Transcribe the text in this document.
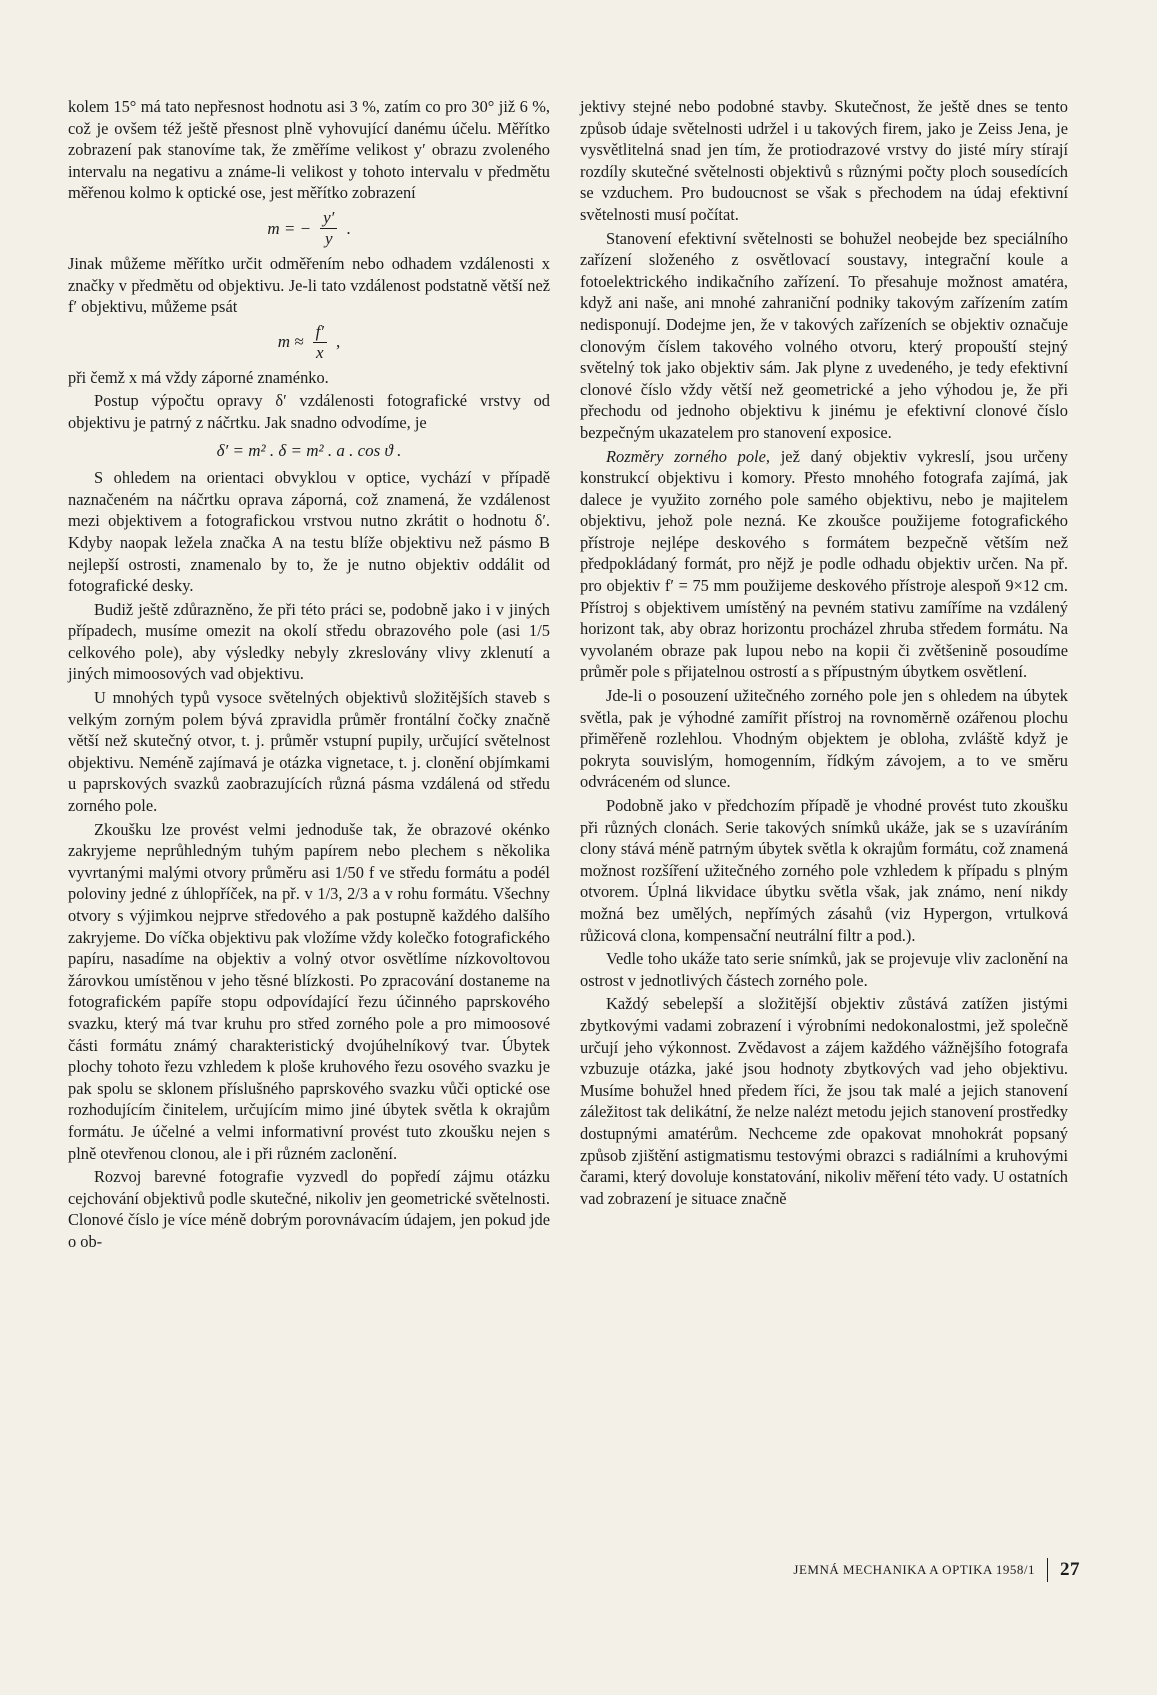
kolem 15° má tato nepřesnost hodnotu asi 3 %, zatím co pro 30° již 6 %, což je ovšem též ještě přesnost plně vyhovující danému účelu. Měřítko zobrazení pak stanovíme tak, že změříme velikost y′ obrazu zvoleného intervalu na negativu a známe-li velikost y tohoto intervalu v předmětu měřenou kolmo k optické ose, jest měřítko zobrazení

m = − $\frac{y'}{y}$ .

Jinak můžeme měřítko určit odměřením nebo odhadem vzdálenosti x značky v předmětu od objektivu. Je-li tato vzdálenost podstatně větší než f′ objektivu, můžeme psát

$m \approx \frac{f'}{x}$ ,

při čemž x má vždy záporné znaménko.

Postup výpočtu opravy δ′ vzdálenosti fotografické vrstvy od objektivu je patrný z náčrtku. Jak snadno odvodíme, je

δ′ = m² . δ = m² . a . cos ϑ .

S ohledem na orientaci obvyklou v optice, vychází v případě naznačeném na náčrtku oprava záporná, což znamená, že vzdálenost mezi objektivem a fotografickou vrstvou nutno zkrátit o hodnotu δ′. Kdyby naopak ležela značka A na testu blíže objektivu než pásmo B nejlepší ostrosti, znamenalo by to, že je nutno objektiv oddálit od fotografické desky.

Budiž ještě zdůrazněno, že při této práci se, podobně jako i v jiných případech, musíme omezit na okolí středu obrazového pole (asi 1/5 celkového pole), aby výsledky nebyly zkreslovány vlivy zklenutí a jiných mimoosových vad objektivu.

U mnohých typů vysoce světelných objektivů složitějších staveb s velkým zorným polem bývá zpravidla průměr frontální čočky značně větší než skutečný otvor, t. j. průměr vstupní pupily, určující světelnost objektivu. Neméně zajímavá je otázka vignetace, t. j. clonění objímkami u paprskových svazků zaobrazujících různá pásma vzdálená od středu zorného pole.

Zkoušku lze provést velmi jednoduše tak, že obrazové okénko zakryjeme neprůhledným tuhým papírem nebo plechem s několika vyvrtanými malými otvory průměru asi 1/50 f ve středu formátu a podél poloviny jedné z úhlopříček, na př. v 1/3, 2/3 a v rohu formátu. Všechny otvory s výjimkou nejprve středového a pak postupně každého dalšího zakryjeme. Do víčka objektivu pak vložíme vždy kolečko fotografického papíru, nasadíme na objektiv a volný otvor osvětlíme nízkovoltovou žárovkou umístěnou v jeho těsné blízkosti. Po zpracování dostaneme na fotografickém papíře stopu odpovídající řezu účinného paprskového svazku, který má tvar kruhu pro střed zorného pole a pro mimoosové části formátu známý charakteristický dvojúhelníkový tvar. Úbytek plochy tohoto řezu vzhledem k ploše kruhového řezu osového svazku je pak spolu se sklonem příslušného paprskového svazku vůči optické ose rozhodujícím činitelem, určujícím mimo jiné úbytek světla k okrajům formátu. Je účelné a velmi informativní provést tuto zkoušku nejen s plně otevřenou clonou, ale i při různém zaclonění.

Rozvoj barevné fotografie vyzvedl do popředí zájmu otázku cejchování objektivů podle skutečné, nikoliv jen geometrické světelnosti. Clonové číslo je více méně dobrým porovnávacím údajem, jen pokud jde o ob-

jektivy stejné nebo podobné stavby. Skutečnost, že ještě dnes se tento způsob údaje světelnosti udržel i u takových firem, jako je Zeiss Jena, je vysvětlitelná snad jen tím, že protiodrazové vrstvy do jisté míry stírají rozdíly skutečné světelnosti objektivů s různými počty ploch sousedících se vzduchem. Pro budoucnost se však s přechodem na údaj efektivní světelnosti musí počítat.

Stanovení efektivní světelnosti se bohužel neobejde bez speciálního zařízení složeného z osvětlovací soustavy, integrační koule a fotoelektrického indikačního zařízení. To přesahuje možnost amatéra, když ani naše, ani mnohé zahraniční podniky takovým zařízením zatím nedisponují. Dodejme jen, že v takových zařízeních se objektiv označuje clonovým číslem takového volného otvoru, který propouští stejný světelný tok jako objektiv sám. Jak plyne z uvedeného, je tedy efektivní clonové číslo vždy větší než geometrické a jeho výhodou je, že při přechodu od jednoho objektivu k jinému je efektivní clonové číslo bezpečným ukazatelem pro stanovení exposice.

Rozměry zorného pole, jež daný objektiv vykreslí, jsou určeny konstrukcí objektivu i komory. Přesto mnohého fotografa zajímá, jak dalece je využito zorného pole samého objektivu, nebo je majitelem objektivu, jehož pole nezná. Ke zkoušce použijeme fotografického přístroje nejlépe deskového s formátem bezpečně větším než předpokládaný formát, pro nějž je podle odhadu objektiv určen. Na př. pro objektiv f′ = 75 mm použijeme deskového přístroje alespoň 9×12 cm. Přístroj s objektivem umístěný na pevném stativu zamíříme na vzdálený horizont tak, aby obraz horizontu procházel zhruba středem formátu. Na vyvolaném obraze pak lupou nebo na kopii či zvětšenině posoudíme průměr pole s přijatelnou ostrostí a s přípustným úbytkem osvětlení.

Jde-li o posouzení užitečného zorného pole jen s ohledem na úbytek světla, pak je výhodné zamířit přístroj na rovnoměrně ozářenou plochu přiměřeně rozlehlou. Vhodným objektem je obloha, zvláště když je pokryta souvislým, homogenním, řídkým závojem, a to ve směru odvráceném od slunce.

Podobně jako v předchozím případě je vhodné provést tuto zkoušku při různých clonách. Serie takových snímků ukáže, jak se s uzavíráním clony stává méně patrným úbytek světla k okrajům formátu, což znamená možnost rozšíření užitečného zorného pole vzhledem k případu s plným otvorem. Úplná likvidace úbytku světla však, jak známo, není nikdy možná bez umělých, nepřímých zásahů (viz Hypergon, vrtulková růžicová clona, kompensační neutrální filtr a pod.).

Vedle toho ukáže tato serie snímků, jak se projevuje vliv zaclonění na ostrost v jednotlivých částech zorného pole.

Každý sebelepší a složitější objektiv zůstává zatížen jistými zbytkovými vadami zobrazení i výrobními nedokonalostmi, jež společně určují jeho výkonnost. Zvědavost a zájem každého vážnějšího fotografa vzbuzuje otázka, jaké jsou hodnoty zbytkových vad jeho objektivu. Musíme bohužel hned předem říci, že jsou tak malé a jejich stanovení záležitost tak delikátní, že nelze nalézt metodu jejich stanovení prostředky dostupnými amatérům. Nechceme zde opakovat mnohokrát popsaný způsob zjištění astigmatismu testovými obrazci s radiálními a kruhovými čarami, který dovoluje konstatování, nikoliv měření této vady. U ostatních vad zobrazení je situace značně

JEMNÁ MECHANIKA A OPTIKA 1958/1 27
